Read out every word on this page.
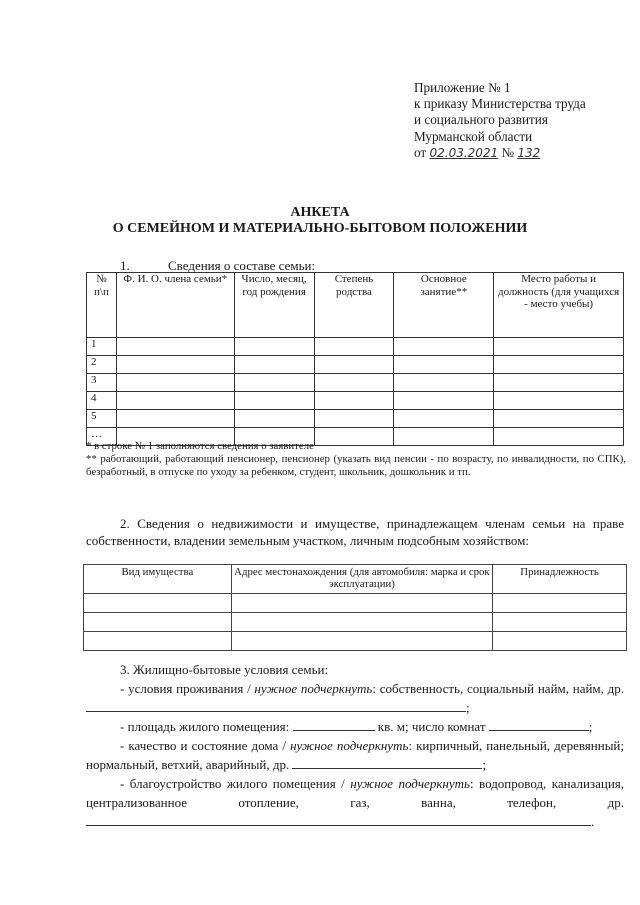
Приложение № 1
к приказу Министерства труда
и социального развития
Мурманской области
от 02.03.2021 № 132
АНКЕТА
О СЕМЕЙНОМ И МАТЕРИАЛЬНО-БЫТОВОМ ПОЛОЖЕНИИ
1.	Сведения о составе семьи:
№ п\п	Ф. И. О. члена семьи*	Число, месяц, год рождения	Степень родства	Основное занятие**	Место работы и должность (для учащихся - место учебы)
1					
2					
3					
4					
5					
…					
* в строке № 1 заполняются сведения о заявителе
** работающий, работающий пенсионер, пенсионер (указать вид пенсии - по возрасту, по инвалидности, по СПК), безработный, в отпуске по уходу за ребенком, студент, школьник, дошкольник и тп.
2. Сведения о недвижимости и имуществе, принадлежащем членам семьи на праве собственности, владении земельным участком, личным подсобным хозяйством:
Вид имущества	Адрес местонахождения (для автомобиля: марка и срок эксплуатации)	Принадлежность

3. Жилищно-бытовые условия семьи:
- условия проживания / нужное подчеркнуть: собственность, социальный найм, найм, др. ;
- площадь жилого помещения:	кв. м; число комнат	;
- качество и состояние дома / нужное подчеркнуть: кирпичный, панельный, деревянный; нормальный, ветхий, аварийный, др.	;
- благоустройство жилого помещения / нужное подчеркнуть: водопровод, канализация, централизованное отопление, газ, ванна, телефон, др. .
